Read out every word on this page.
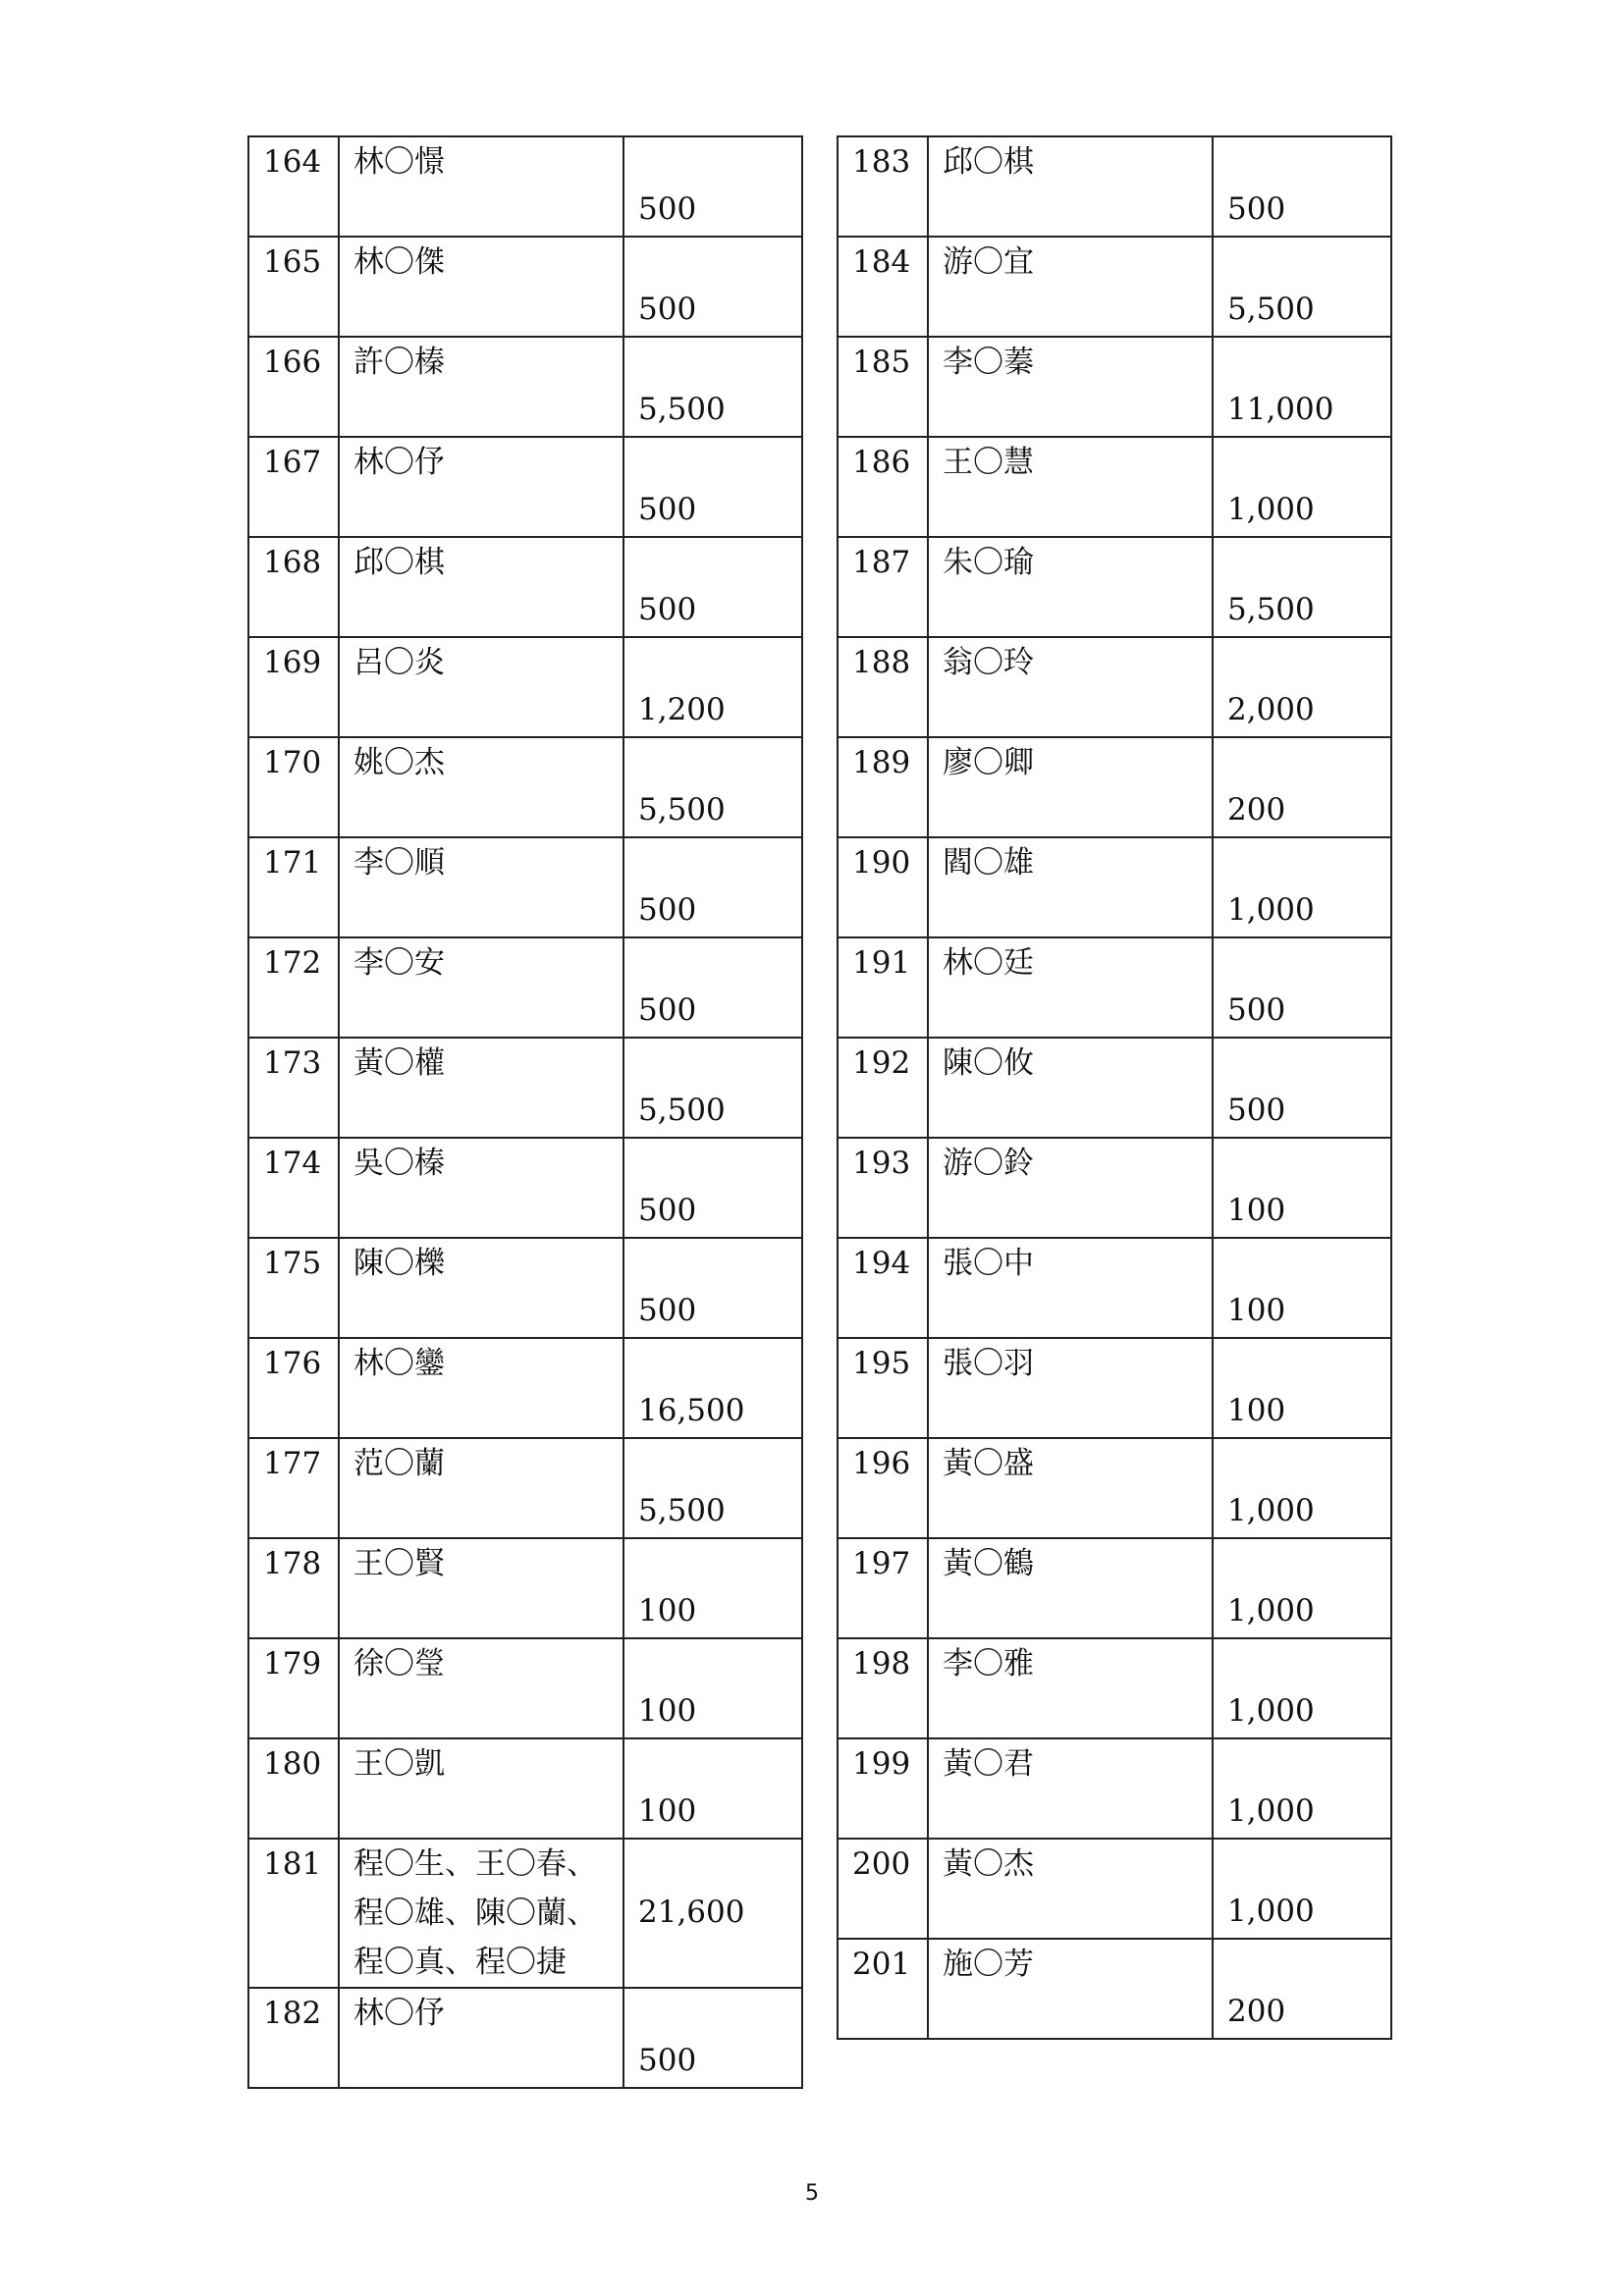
164	林〇憬	500
165	林〇傑	500
166	許〇榛	5,500
167	林〇伃	500
168	邱〇棋	500
169	呂〇炎	1,200
170	姚〇杰	5,500
171	李〇順	500
172	李〇安	500
173	黃〇權	5,500
174	吳〇榛	500
175	陳〇櫟	500
176	林〇鑾	16,500
177	范〇蘭	5,500
178	王〇賢	100
179	徐〇瑩	100
180	王〇凱	100
181	程〇生、王〇春、
程〇雄、陳〇蘭、
程〇真、程〇捷	21,600
182	林〇伃	500
183	邱〇棋	500
184	游〇宜	5,500
185	李〇蓁	11,000
186	王〇慧	1,000
187	朱〇瑜	5,500
188	翁〇玲	2,000
189	廖〇卿	200
190	閻〇雄	1,000
191	林〇廷	500
192	陳〇攸	500
193	游〇鈴	100
194	張〇中	100
195	張〇羽	100
196	黃〇盛	1,000
197	黃〇鶴	1,000
198	李〇雅	1,000
199	黃〇君	1,000
200	黃〇杰	1,000
201	施〇芳	200
5
